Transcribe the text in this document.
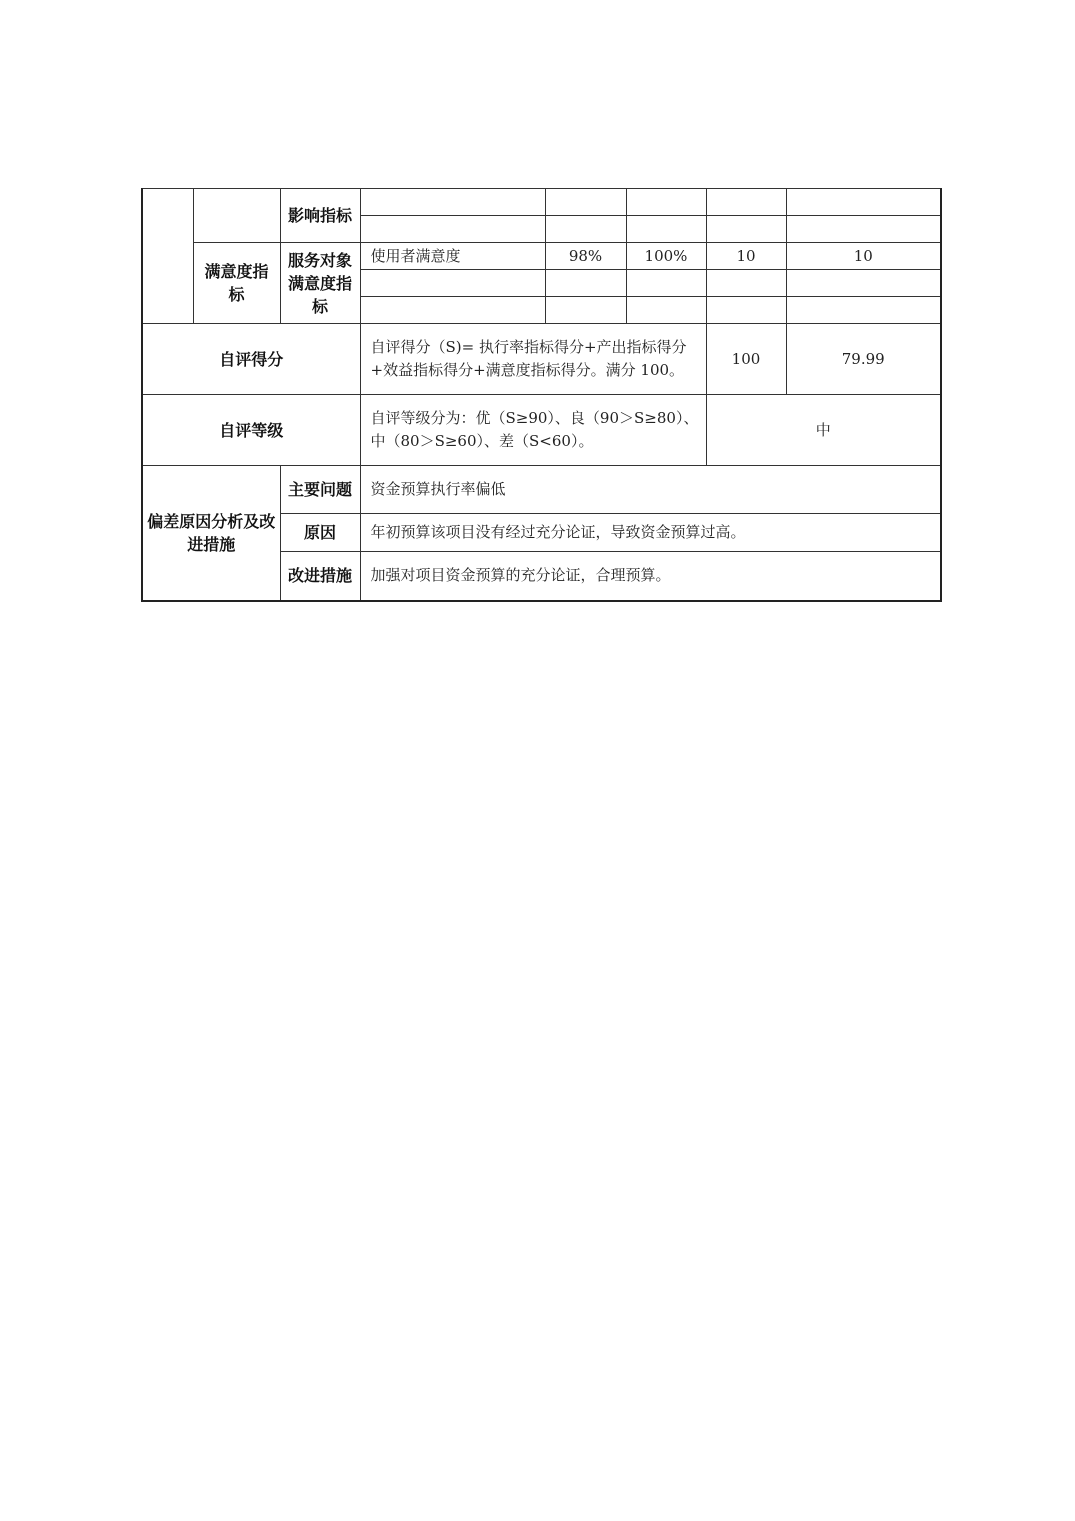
		影响指标					

	满意度指标	服务对象满意度指标	使用者满意度	98%	100%	10	10

自评得分			自评得分（S)= 执行率指标得分+产出指标得分+效益指标得分+满意度指标得分。满分 100。			100	79.99
自评等级			自评等级分为：优（S≥90）、良（90＞S≥80）、中（80＞S≥60）、差（S<60）。			中	
偏差原因分析及改进措施		主要问题	资金预算执行率偏低				
		原因	年初预算该项目没有经过充分论证，导致资金预算过高。				
		改进措施	加强对项目资金预算的充分论证，合理预算。				
